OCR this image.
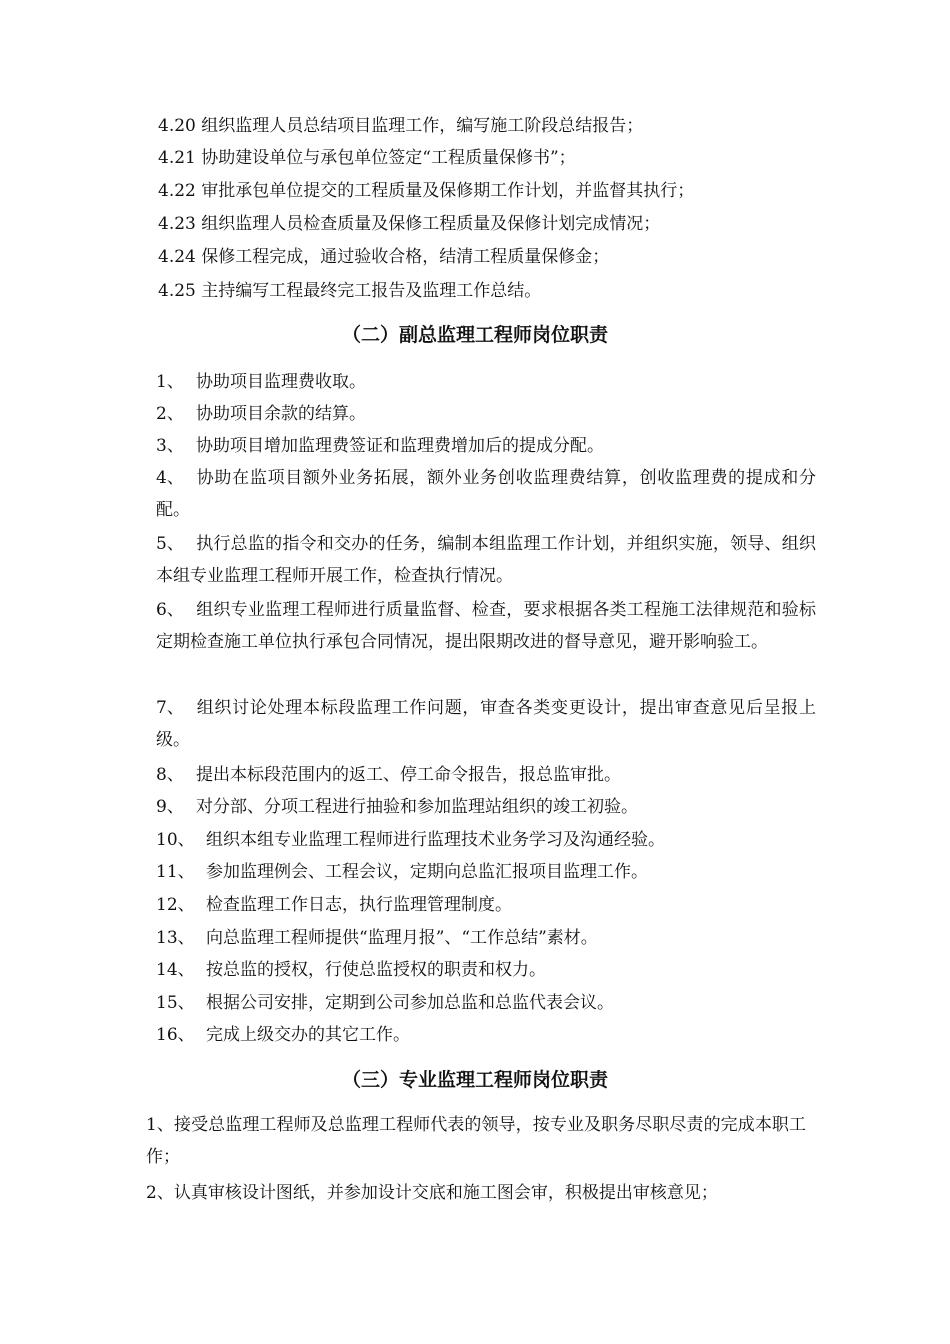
4.20 组织监理人员总结项目监理工作，编写施工阶段总结报告；
4.21 协助建设单位与承包单位签定“工程质量保修书”；
4.22 审批承包单位提交的工程质量及保修期工作计划，并监督其执行；
4.23 组织监理人员检查质量及保修工程质量及保修计划完成情况；
4.24 保修工程完成，通过验收合格，结清工程质量保修金；
4.25 主持编写工程最终完工报告及监理工作总结。
（二）副总监理工程师岗位职责
1、 协助项目监理费收取。
2、 协助项目余款的结算。
3、 协助项目增加监理费签证和监理费增加后的提成分配。
4、 协助在监项目额外业务拓展，额外业务创收监理费结算，创收监理费的提成和分配。
5、 执行总监的指令和交办的任务，编制本组监理工作计划，并组织实施，领导、组织本组专业监理工程师开展工作，检查执行情况。
6、 组织专业监理工程师进行质量监督、检查，要求根据各类工程施工法律规范和验标定期检查施工单位执行承包合同情况，提出限期改进的督导意见，避开影响验工。
7、 组织讨论处理本标段监理工作问题，审查各类变更设计，提出审查意见后呈报上级。
8、 提出本标段范围内的返工、停工命令报告，报总监审批。
9、 对分部、分项工程进行抽验和参加监理站组织的竣工初验。
10、 组织本组专业监理工程师进行监理技术业务学习及沟通经验。
11、 参加监理例会、工程会议，定期向总监汇报项目监理工作。
12、 检查监理工作日志，执行监理管理制度。
13、 向总监理工程师提供“监理月报”、“工作总结”素材。
14、 按总监的授权，行使总监授权的职责和权力。
15、 根据公司安排，定期到公司参加总监和总监代表会议。
16、 完成上级交办的其它工作。
（三）专业监理工程师岗位职责
1、接受总监理工程师及总监理工程师代表的领导，按专业及职务尽职尽责的完成本职工作；
2、认真审核设计图纸，并参加设计交底和施工图会审，积极提出审核意见；
